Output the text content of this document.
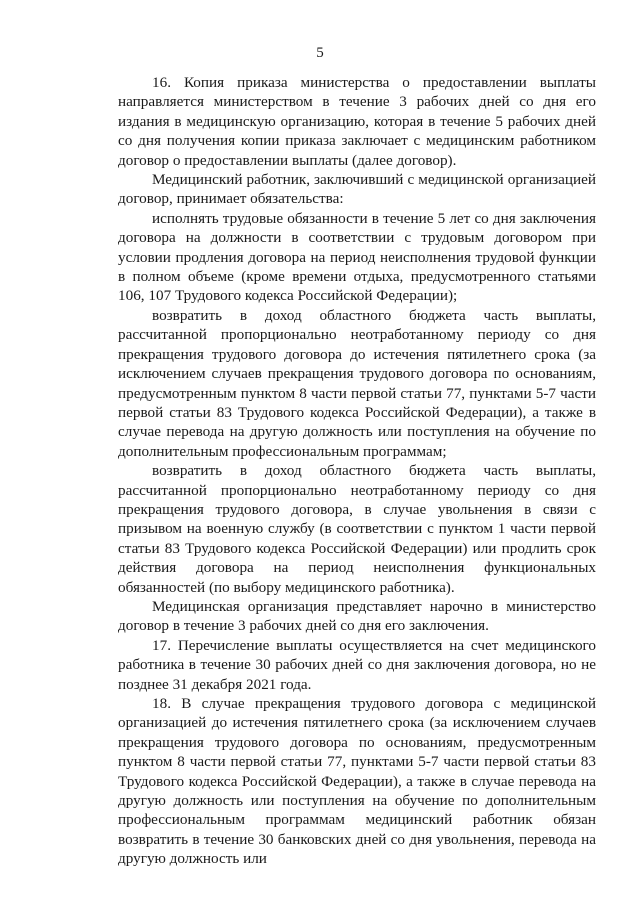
5

16. Копия приказа министерства о предоставлении выплаты направляется министерством в течение 3 рабочих дней со дня его издания в медицинскую организацию, которая в течение 5 рабочих дней со дня получения копии приказа заключает с медицинским работником договор о предоставлении выплаты (далее договор).

Медицинский работник, заключивший с медицинской организацией договор, принимает обязательства:

исполнять трудовые обязанности в течение 5 лет со дня заключения договора на должности в соответствии с трудовым договором при условии продления договора на период неисполнения трудовой функции в полном объеме (кроме времени отдыха, предусмотренного статьями 106, 107 Трудового кодекса Российской Федерации);

возвратить в доход областного бюджета часть выплаты, рассчитанной пропорционально неотработанному периоду со дня прекращения трудового договора до истечения пятилетнего срока (за исключением случаев прекращения трудового договора по основаниям, предусмотренным пунктом 8 части первой статьи 77, пунктами 5-7 части первой статьи 83 Трудового кодекса Российской Федерации), а также в случае перевода на другую должность или поступления на обучение по дополнительным профессиональным программам;

возвратить в доход областного бюджета часть выплаты, рассчитанной пропорционально неотработанному периоду со дня прекращения трудового договора, в случае увольнения в связи с призывом на военную службу (в соответствии с пунктом 1 части первой статьи 83 Трудового кодекса Российской Федерации) или продлить срок действия договора на период неисполнения функциональных обязанностей (по выбору медицинского работника).

Медицинская организация представляет нарочно в министерство договор в течение 3 рабочих дней со дня его заключения.

17. Перечисление выплаты осуществляется на счет медицинского работника в течение 30 рабочих дней со дня заключения договора, но не позднее 31 декабря 2021 года.

18. В случае прекращения трудового договора с медицинской организацией до истечения пятилетнего срока (за исключением случаев прекращения трудового договора по основаниям, предусмотренным пунктом 8 части первой статьи 77, пунктами 5-7 части первой статьи 83 Трудового кодекса Российской Федерации), а также в случае перевода на другую должность или поступления на обучение по дополнительным профессиональным программам медицинский работник обязан возвратить в течение 30 банковских дней со дня увольнения, перевода на другую должность или
